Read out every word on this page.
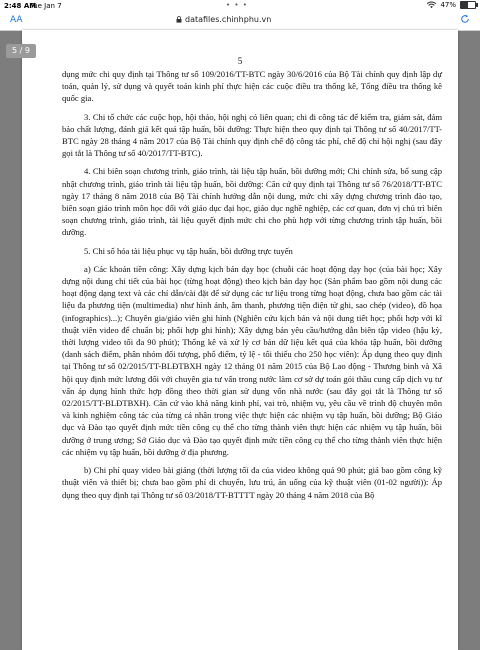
2:48 AM
Tue Jan 7	• • •	47%
AA	datafiles.chinhphu.vn
5 / 9
5

dụng mức chi quy định tại Thông tư số 109/2016/TT-BTC ngày 30/6/2016 của Bộ Tài chính quy định lập dự toán, quản lý, sử dụng và quyết toán kinh phí thực hiện các cuộc điều tra thống kê, Tổng điều tra thống kê quốc gia.

3. Chi tổ chức các cuộc họp, hội thảo, hội nghị có liên quan; chi đi công tác để kiểm tra, giám sát, đảm bảo chất lượng, đánh giá kết quả tập huấn, bồi dưỡng: Thực hiện theo quy định tại Thông tư số 40/2017/TT-BTC ngày 28 tháng 4 năm 2017 của Bộ Tài chính quy định chế độ công tác phí, chế độ chi hội nghị (sau đây gọi tắt là Thông tư số 40/2017/TT-BTC).

4. Chi biên soạn chương trình, giáo trình, tài liệu tập huấn, bồi dưỡng mới; Chi chỉnh sửa, bổ sung cập nhật chương trình, giáo trình tài liệu tập huấn, bồi dưỡng: Căn cứ quy định tại Thông tư số 76/2018/TT-BTC ngày 17 tháng 8 năm 2018 của Bộ Tài chính hướng dẫn nội dung, mức chi xây dựng chương trình đào tạo, biên soạn giáo trình môn học đối với giáo dục đại học, giáo dục nghề nghiệp, các cơ quan, đơn vị chủ trì biên soạn chương trình, giáo trình, tài liệu quyết định mức chi cho phù hợp với từng chương trình tập huấn, bồi dưỡng.

5. Chi số hóa tài liệu phục vụ tập huấn, bồi dưỡng trực tuyến

a) Các khoản tiền công: Xây dựng kịch bản dạy học (chuỗi các hoạt động dạy học (của bài học; Xây dựng nội dung chi tiết của bài học (từng hoạt động) theo kịch bản dạy học (Sản phẩm bao gồm nội dung các hoạt động dạng text và các chỉ dẫn/cài đặt để sử dụng các tư liệu trong từng hoạt động, chưa bao gồm các tài liệu đa phương tiện (multimedia) như hình ảnh, âm thanh, phương tiện điện tử ghi, sao chép (video), đồ họa (infographics)...); Chuyên gia/giáo viên ghi hình (Nghiên cứu kịch bản và nội dung tiết học; phối hợp với kĩ thuật viên video để chuẩn bị; phối hợp ghi hình); Xây dựng bản yêu cầu/hướng dẫn biên tập video (hậu kỳ, thời lượng video tối đa 90 phút); Thống kê và xử lý cơ bản dữ liệu kết quả của khóa tập huấn, bồi dưỡng (danh sách điểm, phân nhóm đối tượng, phổ điểm, tỷ lệ - tối thiểu cho 250 học viên): Áp dụng theo quy định tại Thông tư số 02/2015/TT-BLĐTBXH ngày 12 tháng 01 năm 2015 của Bộ Lao động - Thương binh và Xã hội quy định mức lương đối với chuyên gia tư vấn trong nước làm cơ sở dự toán gói thầu cung cấp dịch vụ tư vấn áp dụng hình thức hợp đồng theo thời gian sử dụng vốn nhà nước (sau đây gọi tắt là Thông tư số 02/2015/TT-BLĐTBXH). Căn cứ vào khả năng kinh phí, vai trò, nhiệm vụ, yêu cầu về trình độ chuyên môn và kinh nghiệm công tác của từng cá nhân trong việc thực hiện các nhiệm vụ tập huấn, bồi dưỡng; Bộ Giáo dục và Đào tạo quyết định mức tiền công cụ thể cho từng thành viên thực hiện các nhiệm vụ tập huấn, bồi dưỡng ở trung ương; Sở Giáo dục và Đào tạo quyết định mức tiền công cụ thể cho từng thành viên thực hiện các nhiệm vụ tập huấn, bồi dưỡng ở địa phương.

b) Chi phí quay video bài giảng (thời lượng tối đa của video không quá 90 phút; giá bao gồm công kỹ thuật viên và thiết bị; chưa bao gồm phí di chuyển, lưu trú, ăn uống của kỹ thuật viên (01-02 người)): Áp dụng theo quy định tại Thông tư số 03/2018/TT-BTTTT ngày 20 tháng 4 năm 2018 của Bộ
